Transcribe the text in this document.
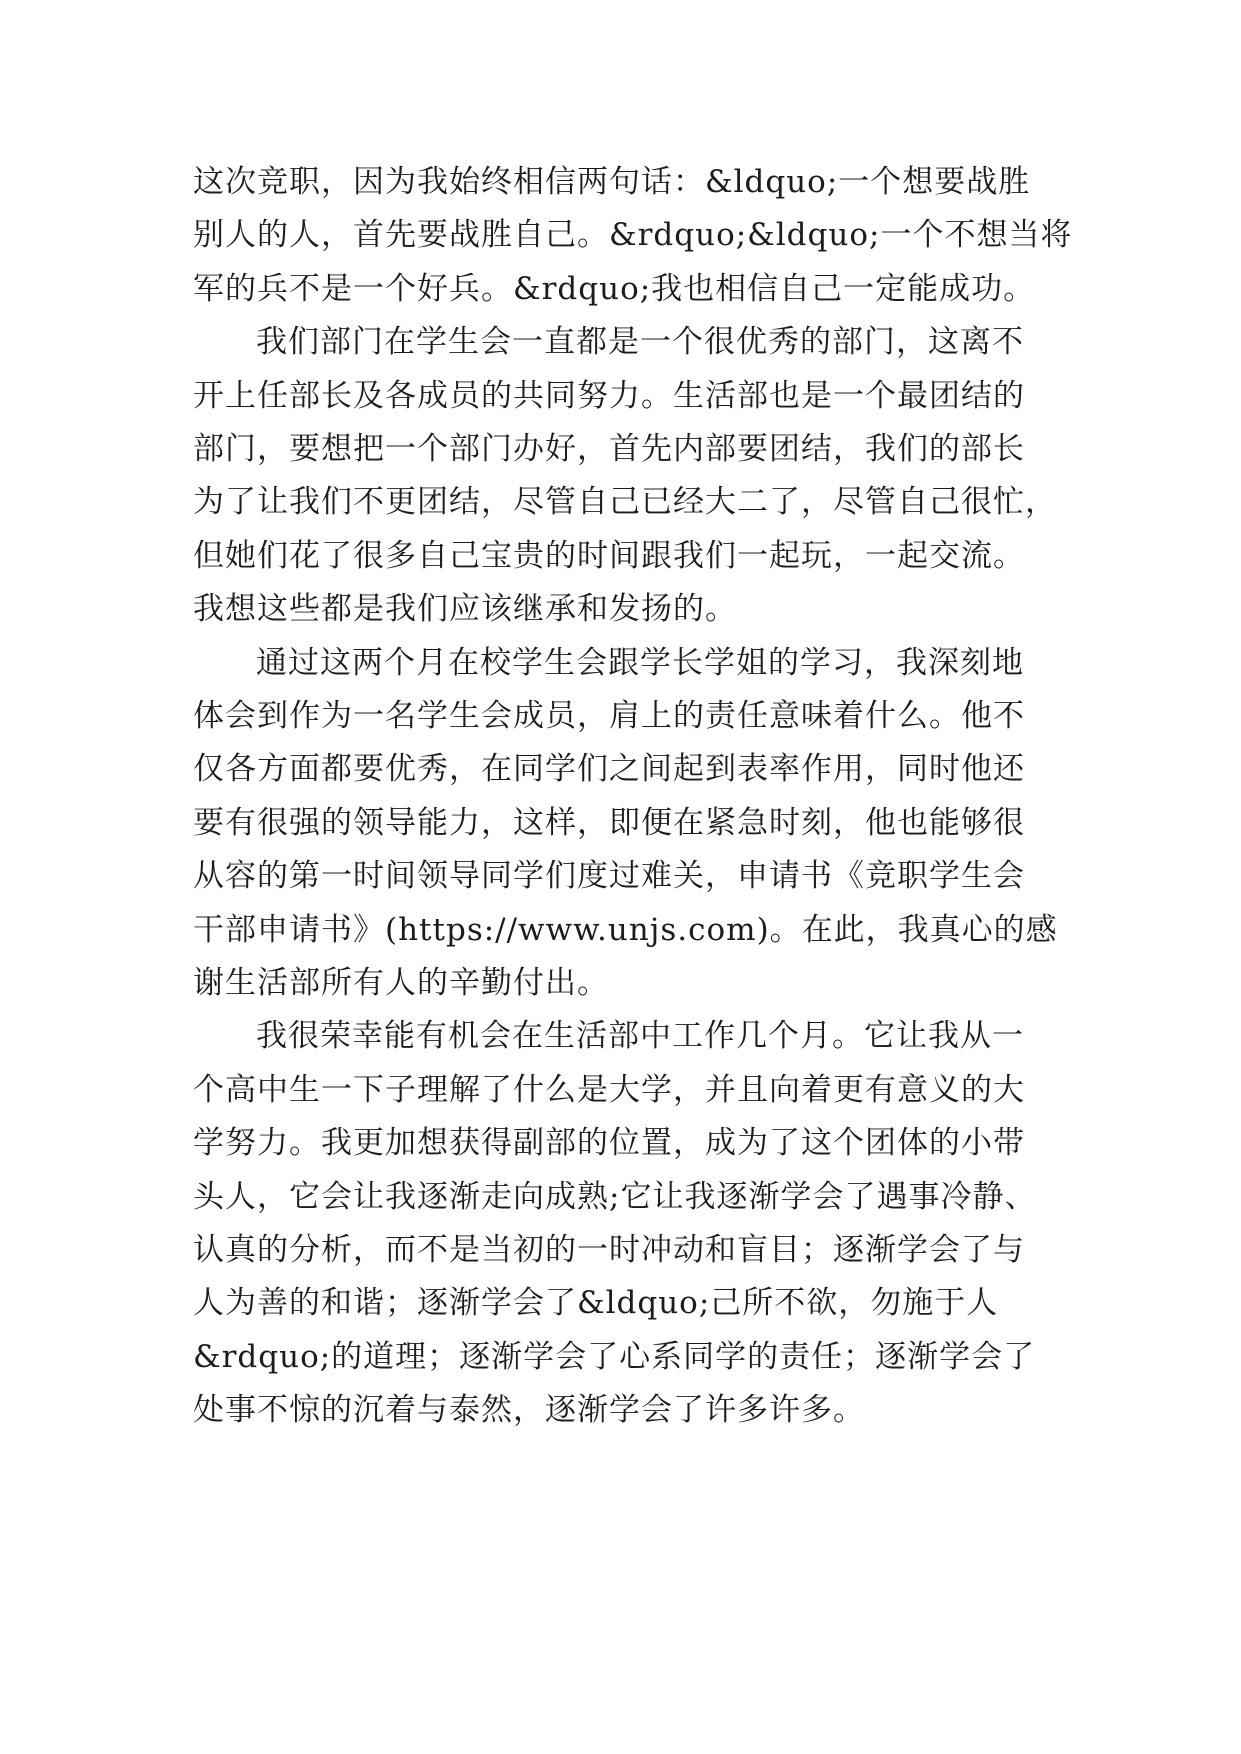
这次竞职，因为我始终相信两句话：&ldquo;一个想要战胜
别人的人，首先要战胜自己。&rdquo;&ldquo;一个不想当将
军的兵不是一个好兵。&rdquo;我也相信自己一定能成功。
我们部门在学生会一直都是一个很优秀的部门，这离不
开上任部长及各成员的共同努力。生活部也是一个最团结的
部门，要想把一个部门办好，首先内部要团结，我们的部长
为了让我们不更团结，尽管自己已经大二了，尽管自己很忙，
但她们花了很多自己宝贵的时间跟我们一起玩，一起交流。
我想这些都是我们应该继承和发扬的。
通过这两个月在校学生会跟学长学姐的学习，我深刻地
体会到作为一名学生会成员，肩上的责任意味着什么。他不
仅各方面都要优秀，在同学们之间起到表率作用，同时他还
要有很强的领导能力，这样，即便在紧急时刻，他也能够很
从容的第一时间领导同学们度过难关，申请书《竞职学生会
干部申请书》(https://www.unjs.com)。在此，我真心的感
谢生活部所有人的辛勤付出。
我很荣幸能有机会在生活部中工作几个月。它让我从一
个高中生一下子理解了什么是大学，并且向着更有意义的大
学努力。我更加想获得副部的位置，成为了这个团体的小带
头人，它会让我逐渐走向成熟;它让我逐渐学会了遇事冷静、
认真的分析，而不是当初的一时冲动和盲目；逐渐学会了与
人为善的和谐；逐渐学会了&ldquo;己所不欲，勿施于人
&rdquo;的道理；逐渐学会了心系同学的责任；逐渐学会了
处事不惊的沉着与泰然，逐渐学会了许多许多。
